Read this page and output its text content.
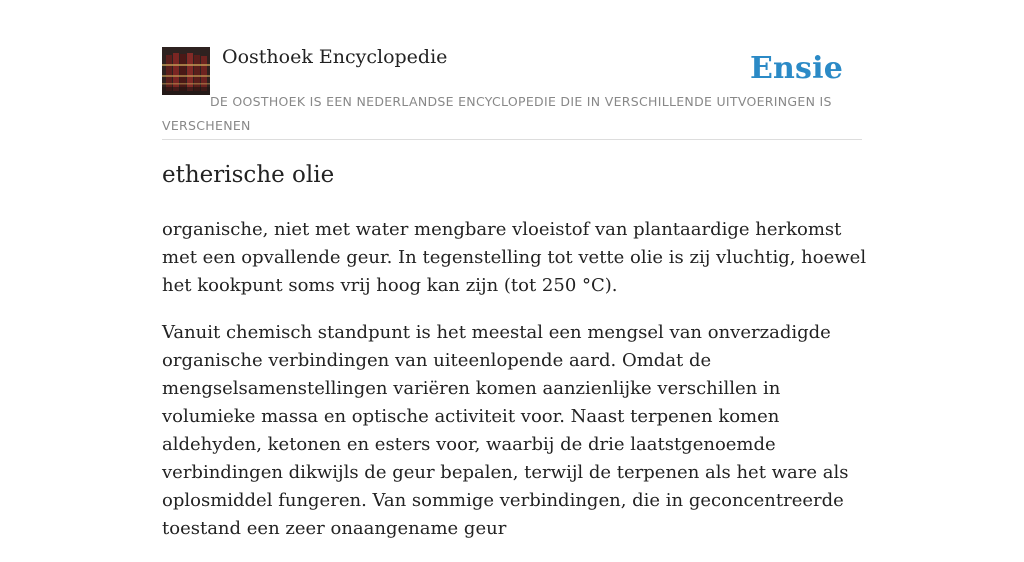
Oosthoek Encyclopedie	Ensie
DE OOSTHOEK IS EEN NEDERLANDSE ENCYCLOPEDIE DIE IN VERSCHILLENDE UITVOERINGEN IS VERSCHENEN
etherische olie

organische, niet met water mengbare vloeistof van plantaardige herkomst met een opvallende geur. In tegenstelling tot vette olie is zij vluchtig, hoewel het kookpunt soms vrij hoog kan zijn (tot 250 °C).

Vanuit chemisch standpunt is het meestal een mengsel van onverzadigde organische verbindingen van uiteenlopende aard. Omdat de mengselsamenstellingen variëren komen aanzienlijke verschillen in volumieke massa en optische activiteit voor. Naast terpenen komen aldehyden, ketonen en esters voor, waarbij de drie laatstgenoemde verbindingen dikwijls de geur bepalen, terwijl de terpenen als het ware als oplosmiddel fungeren. Van sommige verbindingen, die in geconcentreerde toestand een zeer onaangename geur
